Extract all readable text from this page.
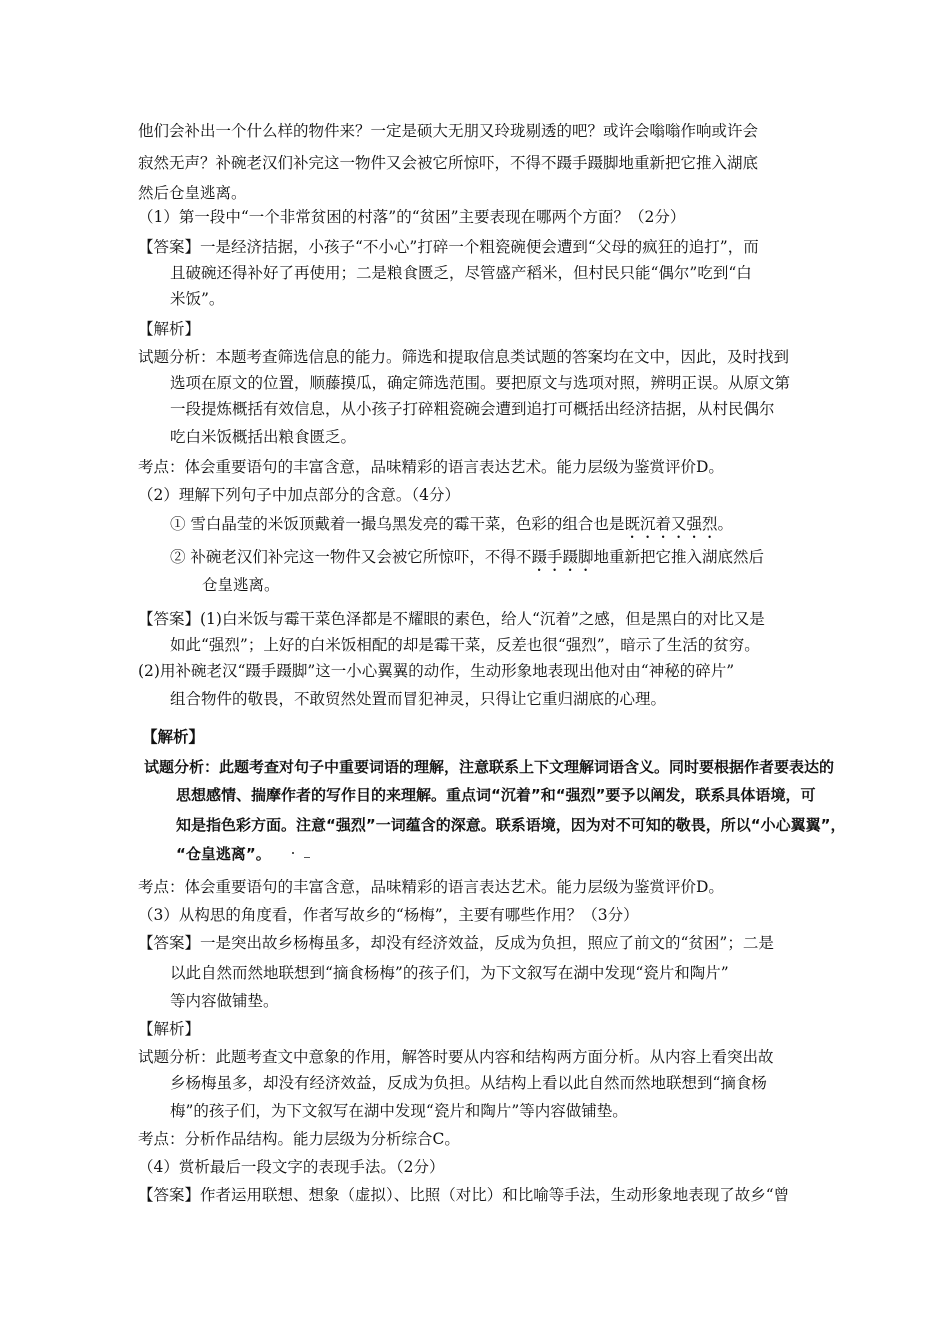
他们会补出一个什么样的物件来？一定是硕大无朋又玲珑剔透的吧？或许会嗡嗡作响或许会
寂然无声？补碗老汉们补完这一物件又会被它所惊吓，不得不蹑手蹑脚地重新把它推入湖底
然后仓皇逃离。
（1）第一段中“一个非常贫困的村落”的“贫困”主要表现在哪两个方面？（2分）
【答案】一是经济拮据，小孩子“不小心”打碎一个粗瓷碗便会遭到“父母的疯狂的追打”，而
且破碗还得补好了再使用；二是粮食匮乏，尽管盛产稻米，但村民只能“偶尔”吃到“白
米饭”。
【解析】
试题分析：本题考查筛选信息的能力。筛选和提取信息类试题的答案均在文中，因此，及时找到
选项在原文的位置，顺藤摸瓜，确定筛选范围。要把原文与选项对照，辨明正误。从原文第
一段提炼概括有效信息，从小孩子打碎粗瓷碗会遭到追打可概括出经济拮据，从村民偶尔
吃白米饭概括出粮食匮乏。
考点：体会重要语句的丰富含意，品味精彩的语言表达艺术。能力层级为鉴赏评价D。
（2）理解下列句子中加点部分的含意。（4分）
① 雪白晶莹的米饭顶戴着一撮乌黑发亮的霉干菜，色彩的组合也是既沉着又强烈。
② 补碗老汉们补完这一物件又会被它所惊吓，不得不蹑手蹑脚地重新把它推入湖底然后
仓皇逃离。
【答案】(1)白米饭与霉干菜色泽都是不耀眼的素色，给人“沉着”之感，但是黑白的对比又是
如此“强烈”；上好的白米饭相配的却是霉干菜，反差也很“强烈”，暗示了生活的贫穷。
(2)用补碗老汉“蹑手蹑脚”这一小心翼翼的动作，生动形象地表现出他对由“神秘的碎片”
组合物件的敬畏，不敢贸然处置而冒犯神灵，只得让它重归湖底的心理。
【解析】
试题分析：此题考查对句子中重要词语的理解，注意联系上下文理解词语含义。同时要根据作者要表达的
思想感情、揣摩作者的写作目的来理解。重点词“沉着”和“强烈”要予以阐发，联系具体语境，可
知是指色彩方面。注意“强烈”一词蕴含的深意。联系语境，因为对不可知的敬畏，所以“小心翼翼”，
“仓皇逃离”。
考点：体会重要语句的丰富含意，品味精彩的语言表达艺术。能力层级为鉴赏评价D。
（3）从构思的角度看，作者写故乡的“杨梅”，主要有哪些作用？（3分）
【答案】一是突出故乡杨梅虽多，却没有经济效益，反成为负担，照应了前文的“贫困”；二是
以此自然而然地联想到“摘食杨梅”的孩子们，为下文叙写在湖中发现“瓷片和陶片”
等内容做铺垫。
【解析】
试题分析：此题考查文中意象的作用，解答时要从内容和结构两方面分析。从内容上看突出故
乡杨梅虽多，却没有经济效益，反成为负担。从结构上看以此自然而然地联想到“摘食杨
梅”的孩子们，为下文叙写在湖中发现“瓷片和陶片”等内容做铺垫。
考点：分析作品结构。能力层级为分析综合C。
（4）赏析最后一段文字的表现手法。（2分）
【答案】作者运用联想、想象（虚拟）、比照（对比）和比喻等手法，生动形象地表现了故乡“曾
